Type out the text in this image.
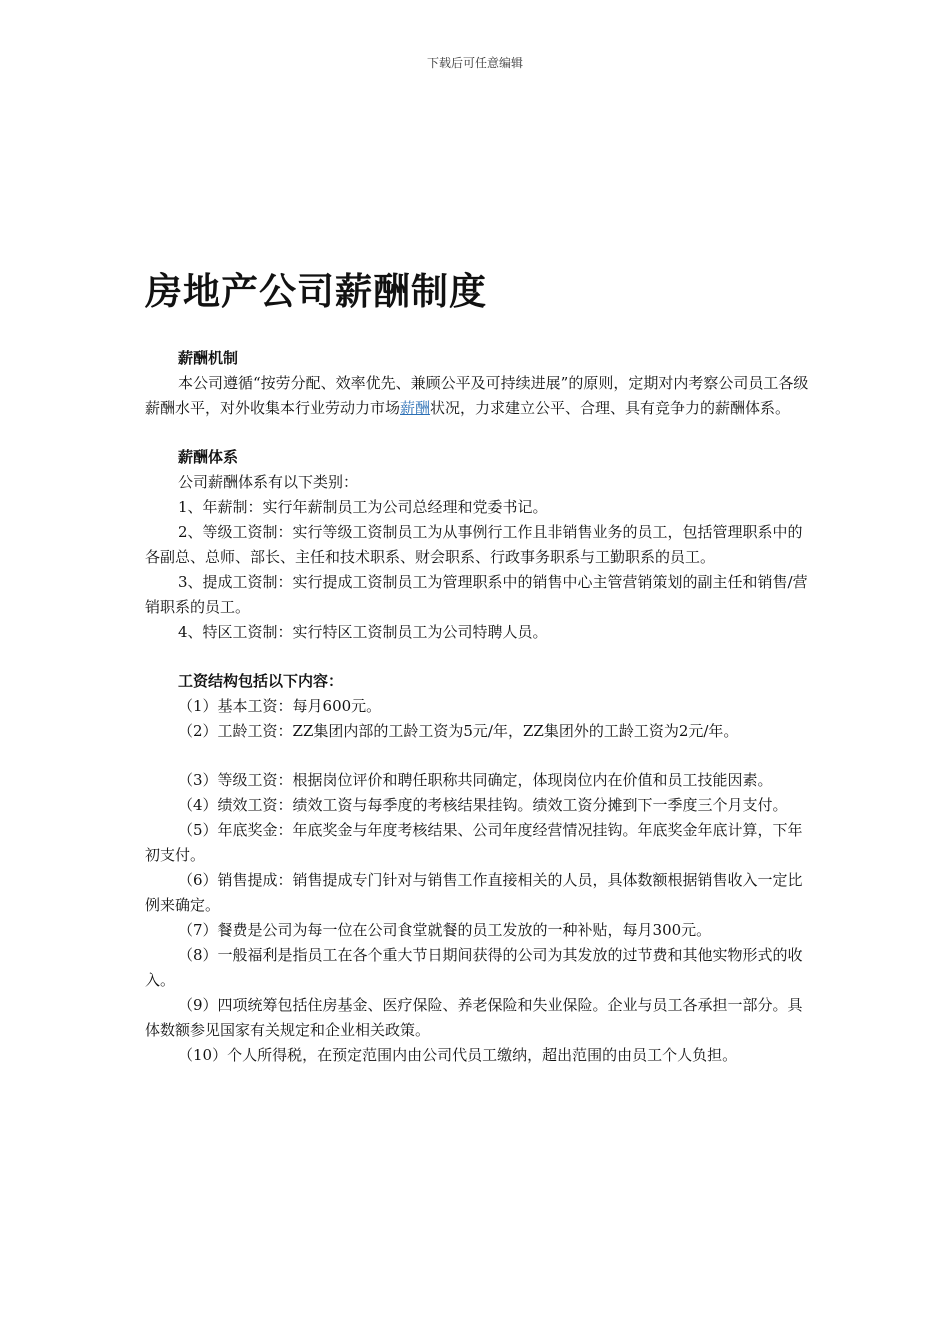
下载后可任意编辑
房地产公司薪酬制度

薪酬机制

本公司遵循“按劳分配、效率优先、兼顾公平及可持续进展”的原则，定期对内考察公司员工各级薪酬水平，对外收集本行业劳动力市场薪酬状况，力求建立公平、合理、具有竞争力的薪酬体系。

薪酬体系

公司薪酬体系有以下类别：

1、年薪制：实行年薪制员工为公司总经理和党委书记。

2、等级工资制：实行等级工资制员工为从事例行工作且非销售业务的员工，包括管理职系中的各副总、总师、部长、主任和技术职系、财会职系、行政事务职系与工勤职系的员工。

3、提成工资制：实行提成工资制员工为管理职系中的销售中心主管营销策划的副主任和销售/营销职系的员工。

4、特区工资制：实行特区工资制员工为公司特聘人员。

工资结构包括以下内容：

（1）基本工资：每月600元。

（2）工龄工资：ZZ集团内部的工龄工资为5元/年，ZZ集团外的工龄工资为2元/年。

（3）等级工资：根据岗位评价和聘任职称共同确定，体现岗位内在价值和员工技能因素。

（4）绩效工资：绩效工资与每季度的考核结果挂钩。绩效工资分摊到下一季度三个月支付。

（5）年底奖金：年底奖金与年度考核结果、公司年度经营情况挂钩。年底奖金年底计算，下年初支付。

（6）销售提成：销售提成专门针对与销售工作直接相关的人员，具体数额根据销售收入一定比例来确定。

（7）餐费是公司为每一位在公司食堂就餐的员工发放的一种补贴，每月300元。

（8）一般福利是指员工在各个重大节日期间获得的公司为其发放的过节费和其他实物形式的收入。

（9）四项统筹包括住房基金、医疗保险、养老保险和失业保险。企业与员工各承担一部分。具体数额参见国家有关规定和企业相关政策。

（10）个人所得税，在预定范围内由公司代员工缴纳，超出范围的由员工个人负担。
